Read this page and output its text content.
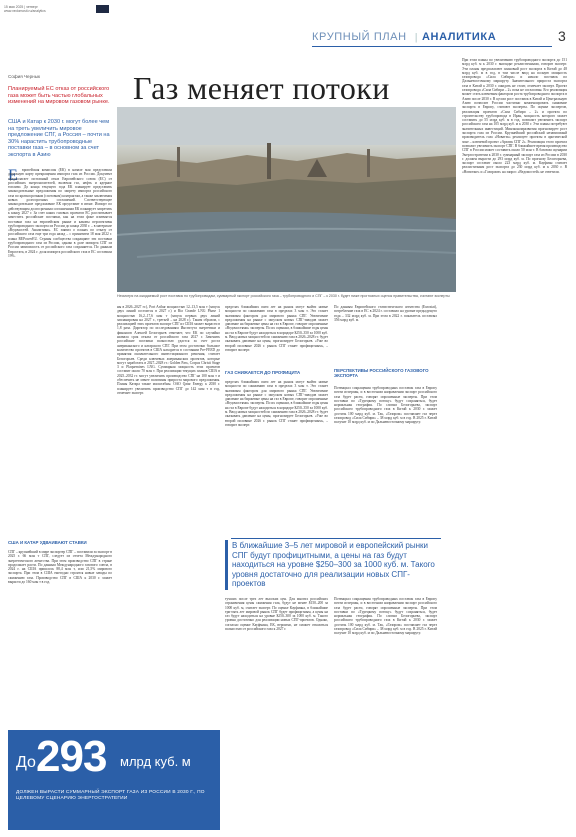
15 мая 2025 | четверг
www.vedomosti.ru/analytics
КРУПНЫЙ ПЛАН АНАЛИТИКА
|	3
София Чернык
Планируемый ЕС отказ от российского газа может быть частью глобальных изменений на мировом газовом рынке.
США и Катар к 2030 г. могут более чем на треть увеличить мировое предложение СПГ, а Россия – почти на 30% нарастить трубопроводные поставки газа – в основном за счет экспорта в Азию
Газ меняет потоки
Несмотря на ожидаемый рост поставок по трубопроводам, суммарный экспорт российского газа – трубопроводного и СПГ – к 2030 г. будет ниже прогнозных оценок правительства, считают эксперты
Е	вропейская комиссия (ЕК) в начале мая представила дорожную карту прекращения импорта газа из России. Документ предполагает поэтапный отказ Европейского союза (ЕС) от российских энергоносителей, включая газ, нефть и ядерное топливо. До конца текущего года ЕК планирует представить законодательные предложения по запрету импорта российского газа по краткосрочным (спотовым) контрактам, а также заключения новых долгосрочных соглашений. Соответствующее законодательное предложение ЕК представит в июне. Импорт по действующим долгосрочным соглашениям ЕК планирует запретить к концу 2027 г. За счет каких газовых проектов ЕС рассчитывает заместить российские поставки, как на этом фоне изменятся поставки газа на европейском рынке и каковы перспективы трубопроводного экспорта из России до конца 2030 г. – в материале «Ведомостей. Аналитики». ЕС заявил о планах по отказу от российского газа еще три года назад – с принятием 18 мая 2022 г. плана REPowerEU. Страны сообщества сокращают эти поставки трубопроводного газа из России, однако в доле импорта СПГ из России зависимость от российского газа сохраняется. По данным Евростата, в 2024 г. доля импорта российского газа в ЕС составила 19%.
США И КАТАР УДВАИВАЮТ СТАВКИ
СПГ – крупнейший в мире экспортер СПГ – поставили за экспорт в 2025 г. 66 млн т СПГ, следует из отчета Международного энергетического агентства. При этом производство СПГ в стране продолжает расти. По данным Международного газового союза, в 2024 г. на США пришлось 88,4 млн т, или 21,5% мирового экспорта. При этом в США ежегодно строятся новые заводы по сжижению газа. Производство СПГ в США к 2030 г. может вырасти до 160 млн т в год.
ны в 2026–2027 гг.), Port Arthur мощностью 12–13,5 млн т (запуск двух линий состоится в 2027 г.) и Rio Grande LNG Phase 1 мощностью 16,2–17,6 млн т (запуск первых двух линий запланирован на 2027 г., третьей – на 2028 г.). Таким образом, с реализацией этих проектов экспорт СПГ из США может вырасти в 1,8 раза. Директор по исследованиям Института энергетики и финансов Алексей Белогорьев отмечает, что ЕК по случайно назвала срок отказа от российского газа 2027 г. Заменить российские поставки полностью удастся за счет роста американского и катарского СПГ. При этом достаточно большое количество проектов в США находится в состоянии Pre-FEED до принятия окончательного инвестиционного решения, считает Белогорьев. Среди ключевых американских проектов, которые могут заработать в 2027–2028 гг.: Golden Pass, Corpus Christi Stage 3 и Plaquemines LNG. Суммарная мощность этих проектов составит около 70 млн т. При реализации текущих планов США в 2025–2032 гг. могут увеличить производство СПГ на 100 млн т и обеспечить не менее половины прироста мирового предложения. Планы Катара также масштабны. ОАО Qatar Energy к 2030 г. планирует увеличить производство СПГ до 142 млн т в год, отмечает эксперт.
пределах ближайших пяти лет на рынок могут выйти новые мощности по сжижению газа в пределах 3 млн т. Это станет значимым фактором для мирового рынка СПГ. Увеличение предложения на рынке с запуском новых СПГ-заводов может давление на биржевые цены на газ в Европе, говорит опрошенные «Ведомостями» эксперты. По их оценкам, в ближайшие годы цены на газ в Европе будут находиться в коридоре $250–350 за 1000 куб. м. Ввод новых мощностей по сжижению газа в 2026–2028 гг. будет оказывать давление на цены, прогнозирует Белогорьев. «Уже во второй половине 2026 г. рынок СПГ станет профицитным», – говорит эксперт.
ГАЗ СНИЖАЕТСЯ ДО ПРОФИЦИТА
пределах ближайших пяти лет на рынок могут выйти новые мощности по сжижению газа в пределах 3 млн т. Это станет значимым фактором для мирового рынка СПГ. Увеличение предложения на рынке с запуском новых СПГ-заводов может давление на биржевые цены на газ в Европе, говорит опрошенные «Ведомостями» эксперты. По их оценкам, в ближайшие годы цены на газ в Европе будут находиться в коридоре $250–350 за 1000 куб. м. Ввод новых мощностей по сжижению газа в 2026–2028 гг. будет оказывать давление на цены, прогнозирует Белогорьев. «Уже во второй половине 2026 г. рынок СПГ станет профицитным», – говорит эксперт.
В ближайшие 3–5 лет мировой и европейский рынки СПГ будут профицитными, а цены на газ будут находиться на уровне $250–300 за 1000 куб. м. Такого уровня достаточно для реализации новых СПГ-проектов
тучших после трех лет высоких цен. Для многих российских ограничения цены сжижения газа, будут не менее $150–200 за 1000 куб. м, считает эксперт. По оценке Кауфмана, в ближайшие три-пять лет мировой рынок СПГ будет профицитным, а цены на газ будут находиться на уровне $250–300 за 1000 куб. м. Такого уровня достаточно для реализации новых СПГ-проектов. Однако, согласно оценке Кауфмана, ЕК, вероятно, не сможет отказаться полностью от российского газа к 2027 г.
По данным Европейского статистического агентства (Eurostat), потребление газа в ЕС в 2024 г. составило на уровне предыдущего года – 332 млрд куб. м. При этом в 2022 г. показатель составлял 356 млрд куб. м.
ПЕРСПЕКТИВЫ РОССИЙСКОГО ГАЗОВОГО ЭКСПОРТА
Потенциал сокращения трубопроводных поставок газа в Европу почти исчерпан, и в восточном направлении экспорт российского газа будет расти, говорят опрошенные эксперты. При этом поставки по «Турецкому потоку» будут сохраняться, будет нормальная география. По словам Белогорьева, экспорт российского трубопроводного газа в Китай к 2030 г. может достичь 100 млрд куб. м. Так, «Газпром» поставляет газ через газопровод «Сила Сибири» – 38 млрд куб. м в год. В 2025 г. Китай получит 10 млрд куб. м по Дальневосточному маршруту.
Потенциал сокращения трубопроводных поставок газа в Европу почти исчерпан, и в восточном направлении экспорт российского газа будет расти, говорят опрошенные эксперты. При этом поставки по «Турецкому потоку» будут сохраняться, будет нормальная география. По словам Белогорьева, экспорт российского трубопроводного газа в Китай к 2030 г. может достичь 100 млрд куб. м. Так, «Газпром» поставляет газ через газопровод «Сила Сибири» – 38 млрд куб. м в год. В 2025 г. Китай получит 10 млрд куб. м по Дальневосточному маршруту.
При этом планы по увеличению трубопроводного экспорта до 151 млрд куб. м к 2030 г. выглядят реалистичными, говорит эксперт. Эти планы предполагают плановый рост экспорта в Китай до 48 млрд куб. м в год, в том числе ввод на полную мощность газопровода «Сила Сибири» и начало поставок по Дальневосточному маршруту. Значительного прироста экспорта газа в Китай к 2030 г. ожидать не стоит, отмечает эксперт. Проект газопровода «Сила Сибири – 2» пока не согласован. Его реализация может стать ключевым фактором роста трубопроводного экспорта в Азию после 2030 г. В целом рост поставок в Китай и Центральную Азию позволит России частично компенсировать снижение экспорта в Европу, считают эксперты. По оценке экспертов, реализация проектов «Сила Сибири – 2» и проекта по строительству трубопровода в Иран, мощность которого может составить до 55 млрд куб. м в год, позволит увеличить экспорт российского газа на 105 млрд куб. м к 2030 г. Эти планы потребуют значительных инвестиций. Минэкономразвития прогнозирует рост экспорта газа из России. Крупнейший российский независимый производитель газа «Новатэк» реализует проекты в арктической зоне – ключевой проект «Арктик СПГ 2». Реализация этого проекта позволит увеличить экспорт СПГ. В ближайшее время производство СПГ в России может составить около 50 млн т. В базовом сценарии Энергостратегии к 2030 г. суммарный экспорт газа из России в 2030 г. должен вырасти до 293 млрд куб. м. По прогнозу Белогорьева, экспорт составит около 223 млрд куб. м. Кауфман считает реалистичным рост экспорта до 230 млрд куб. м к 2030 г. В «Новатэке» и «Газпроме» на запрос «Ведомостей» не ответили.
До 293 млрд куб. м
ДОЛЖЕН ВЫРАСТИ СУММАРНЫЙ ЭКСПОРТ ГАЗА ИЗ РОССИИ В 2030 Г., ПО ЦЕЛЕВОМУ СЦЕНАРИЮ ЭНЕРГОСТРАТЕГИИ
